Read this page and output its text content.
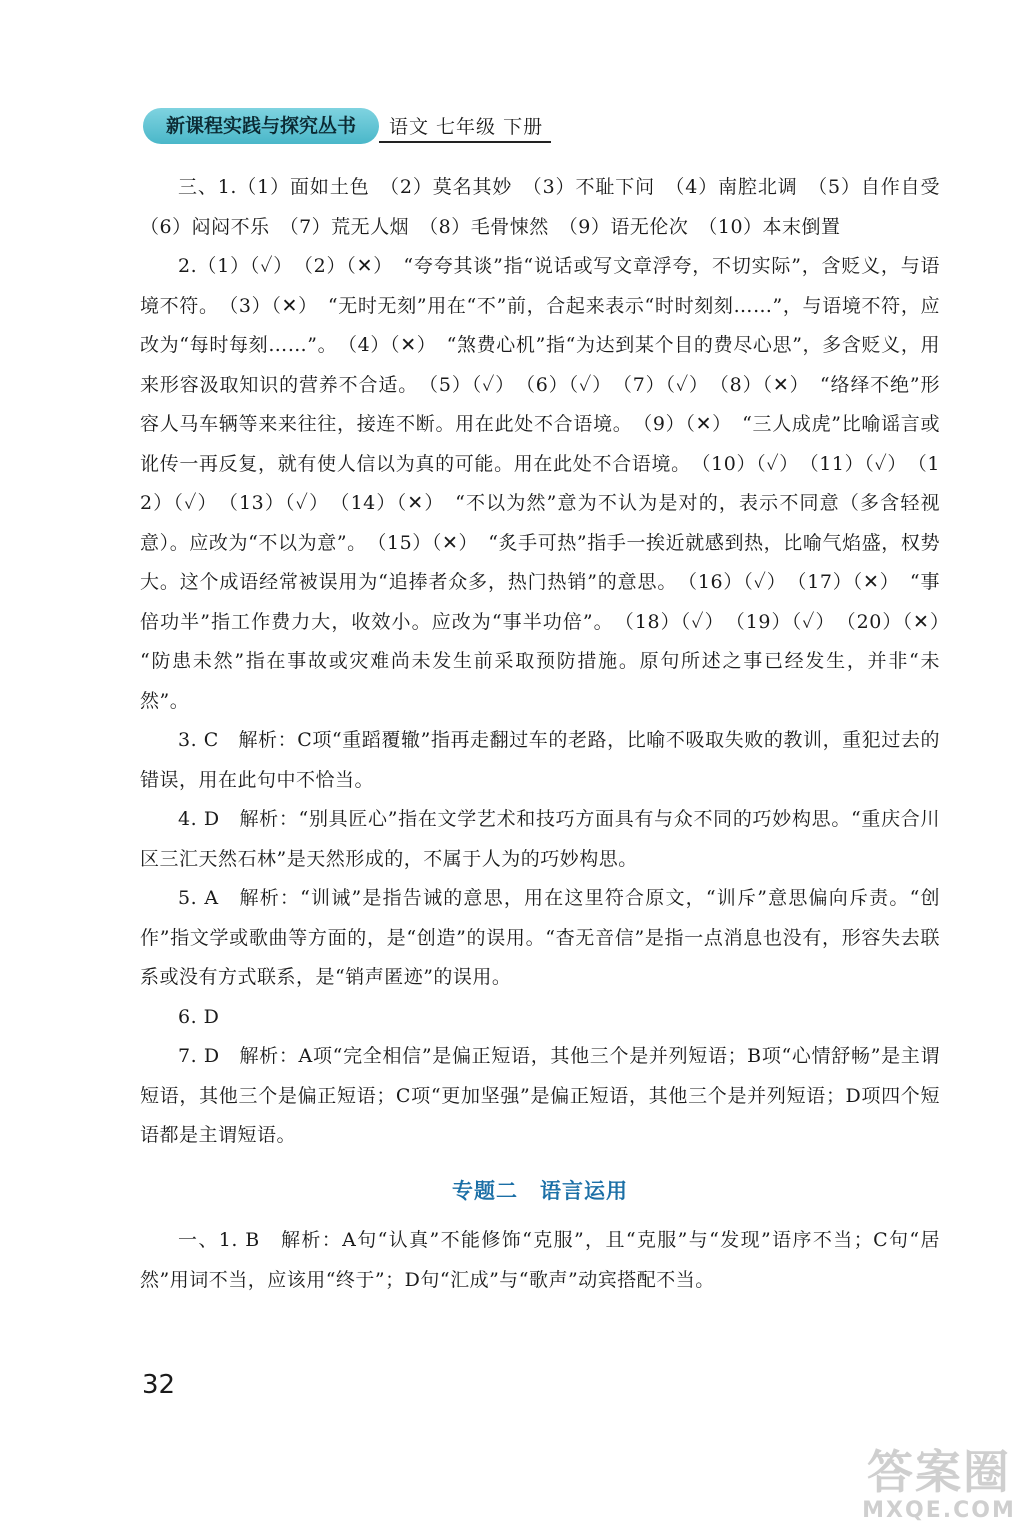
新课程实践与探究丛书	语文 七年级 下册

三、1.（1）面如土色　（2）莫名其妙　（3）不耻下问　（4）南腔北调　（5）自作自受　（6）闷闷不乐　（7）荒无人烟　（8）毛骨悚然　（9）语无伦次　（10）本末倒置

2.（1）（✓）　（2）（✕）　“夸夸其谈”指“说话或写文章浮夸，不切实际”，含贬义，与语境不符。　（3）（✕）　“无时无刻”用在“不”前，合起来表示“时时刻刻……”，与语境不符，应改为“每时每刻……”。　（4）（✕）　“煞费心机”指“为达到某个目的费尽心思”，多含贬义，用来形容汲取知识的营养不合适。　（5）（✓）　（6）（✓）　（7）（✓）　（8）（✕）　“络绎不绝”形容人马车辆等来来往往，接连不断。用在此处不合语境。　（9）（✕）　“三人成虎”比喻谣言或讹传一再反复，就有使人信以为真的可能。用在此处不合语境。　（10）（✓）　（11）（✓）　（12）（✓）　（13）（✓）　（14）（✕）　“不以为然”意为不认为是对的，表示不同意（多含轻视意）。应改为“不以为意”。　（15）（✕）　“炙手可热”指手一挨近就感到热，比喻气焰盛，权势大。这个成语经常被误用为“追捧者众多，热门热销”的意思。　（16）（✓）　（17）（✕）　“事倍功半”指工作费力大，收效小。应改为“事半功倍”。　（18）（✓）　（19）（✓）　（20）（✕）　“防患未然”指在事故或灾难尚未发生前采取预防措施。原句所述之事已经发生，并非“未然”。

3. C　解析：C项“重蹈覆辙”指再走翻过车的老路，比喻不吸取失败的教训，重犯过去的错误，用在此句中不恰当。

4. D　解析：“别具匠心”指在文学艺术和技巧方面具有与众不同的巧妙构思。“重庆合川区三汇天然石林”是天然形成的，不属于人为的巧妙构思。

5. A　解析：“训诫”是指告诫的意思，用在这里符合原文，“训斥”意思偏向斥责。“创作”指文学或歌曲等方面的，是“创造”的误用。“杳无音信”是指一点消息也没有，形容失去联系或没有方式联系，是“销声匿迹”的误用。

6. D

7. D　解析：A项“完全相信”是偏正短语，其他三个是并列短语；B项“心情舒畅”是主谓短语，其他三个是偏正短语；C项“更加坚强”是偏正短语，其他三个是并列短语；D项四个短语都是主谓短语。

专题二　语言运用

一、1. B　解析：A句“认真”不能修饰“克服”，且“克服”与“发现”语序不当；C句“居然”用词不当，应该用“终于”；D句“汇成”与“歌声”动宾搭配不当。

32
答案圈
MXQE.COM
